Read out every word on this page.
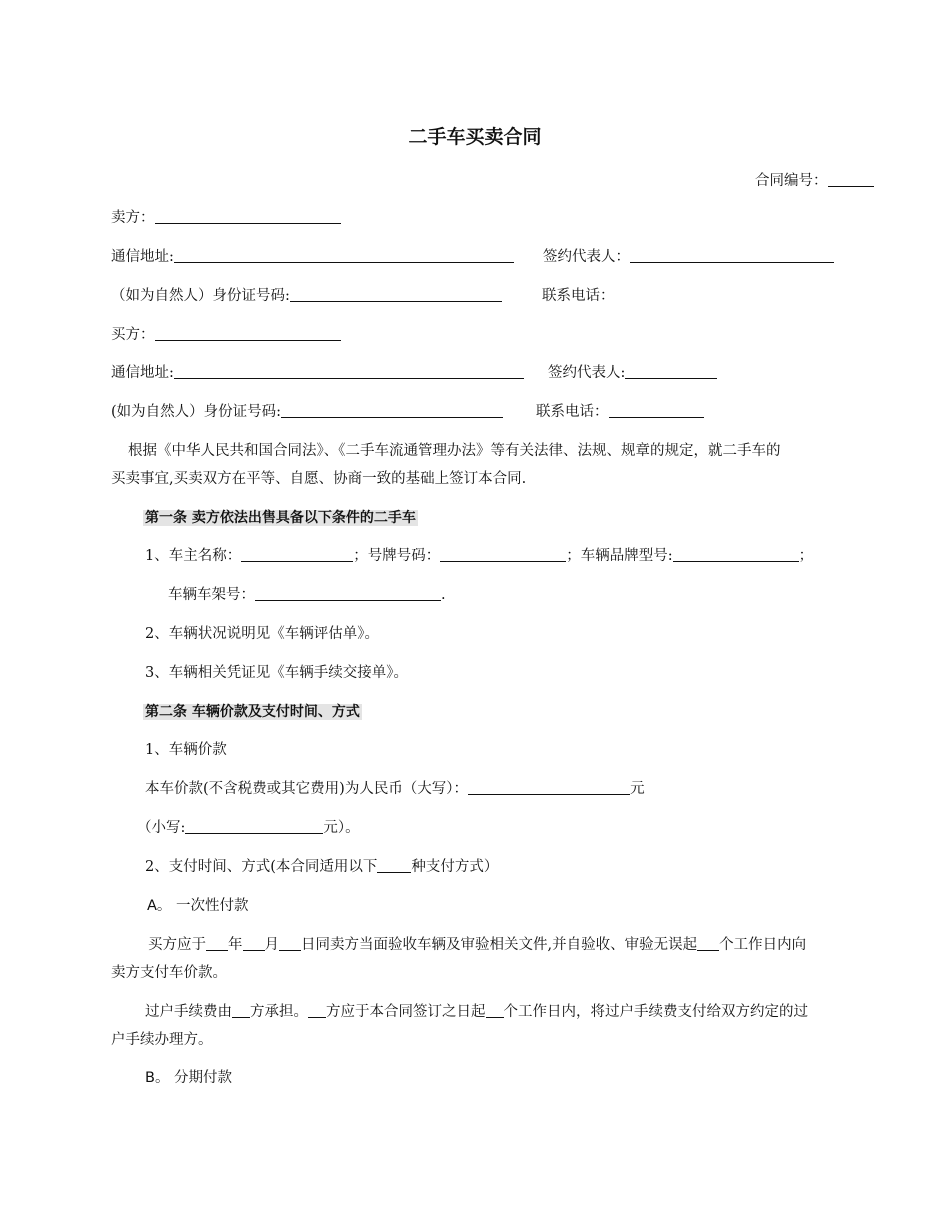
二手车买卖合同
合同编号：
卖方：
通信地址:	签约代表人：
（如为自然人）身份证号码:	联系电话：
买方：
通信地址:	签约代表人:
(如为自然人）身份证号码:	联系电话：
根据《中华人民共和国合同法》、《二手车流通管理办法》等有关法律、法规、规章的规定，就二手车的
买卖事宜,买卖双方在平等、自愿、协商一致的基础上签订本合同.
第一条 卖方依法出售具备以下条件的二手车
1、车主名称：	；号牌号码：	；车辆品牌型号:	；
车辆车架号：	.
2、车辆状况说明见《车辆评估单》。
3、车辆相关凭证见《车辆手续交接单》。
第二条 车辆价款及支付时间、方式
1、车辆价款
本车价款(不含税费或其它费用)为人民币（大写）：	元
（小写:	元）。
2、支付时间、方式(本合同适用以下 种支付方式）
A。 一次性付款
买方应于 年 月 日同卖方当面验收车辆及审验相关文件,并自验收、审验无误起 个工作日内向
卖方支付车价款。
过户手续费由 方承担。 方应于本合同签订之日起 个工作日内，将过户手续费支付给双方约定的过
户手续办理方。
B。 分期付款
